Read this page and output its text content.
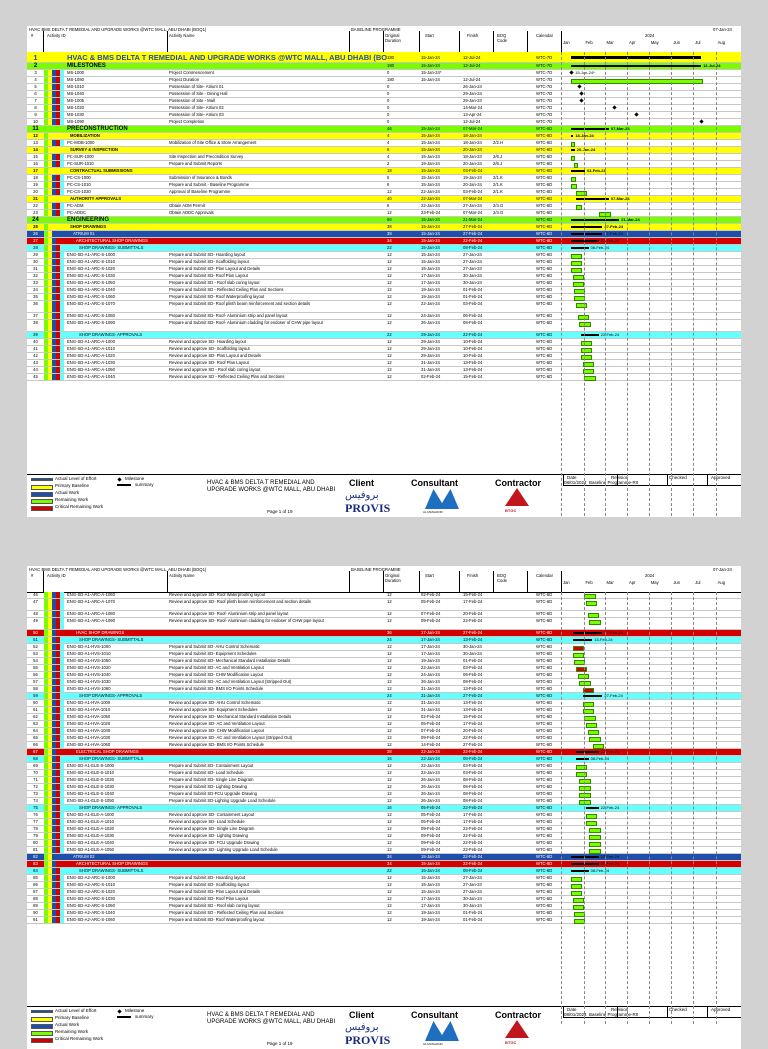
HVAC BMS DELTA T REMEDIAL AND UPGRADE WORKS @WTC MALL, ABU DHABI (BOQ1)	BASELINE PROGRAMME	07-Jan-24
#	Activity ID	Activity Name	Original Duration
Start	Finish	BOQ Code
Calendar	2024
Jan	Feb	Mar	Apr	May	Jun	Jul	Aug
HVAC & BMS DELTA T REMEDIAL AND UPGRADE WORKS @WTC MALL, ABU DHABI (BO
1	180	15-Jan-24	12-Jul-24	WTC-7D
2	MILESTONES	180	15-Jan-24	12-Jul-24	WTC-7D	12-Jul-24
3	MS-1000	Project Commencement	0	15-Jan-24*	WTC-7D	15-Jan-24*
4	MS-1080	Project Duration	180	15-Jan-24	12-Jul-24	WTC-7D
5	MS-1010	Possession of Site- Atrium 01	0	26-Jan-24	WTC-7D
6	MS-1040	Possession of Site - Dining Hall	0	29-Jan-24	WTC-7D
7	MS-1005	Possession of Site - Mall	0	29-Jan-24	WTC-7D
8	MS-1020	Possession of Site- Atrium 02	0	14-Mar-24	WTC-7D
9	MS-1030	Possession of Site- Atrium 03	0	13-Apr-24	WTC-7D
10	MS-1090	Project Completion	0	12-Jul-24	WTC-7D
11	PRECONSTRUCTION	46	15-Jan-24	07-Mar-24	WTC-6D	07-Mar-24
12	MOBILIZATION	4	15-Jan-24	18-Jan-24	WTC-6D	18-Jan-24
13	PC-MOB-1000	Mobilization of Site Office & Store Arrangement	4	15-Jan-24	18-Jan-24	2/2.H	WTC-6D
14	SURVEY & INSPECTION	6	15-Jan-24	20-Jan-24	WTC-6D	20-Jan-24
15	PC-SUR-1000	Site Inspection and Precondition Survey	4	15-Jan-24	18-Jan-24	2/6.J	WTC-6D
16	PC-SUR-1010	Prepare and Submit Reports	2	19-Jan-24	20-Jan-24	2/6.J	WTC-6D
17	CONTRACTUAL SUBMISSIONS	18	15-Jan-24	03-Feb-24	WTC-6D	03-Feb-24
18	PC-CS-1000	Submission of Insurance & Bonds	5	15-Jan-24	19-Jan-24	2/1.K	WTC-6D
19	PC-CS-1010	Prepare and Submit - Baseline Programme	6	15-Jan-24	20-Jan-24	2/1.K	WTC-6D
20	PC-CS-1020	Approval of Baseline Programme	12	22-Jan-24	03-Feb-24	2/1.K	WTC-6D
21	AUTHORITY APPROVALS	40	22-Jan-24	07-Mar-24	WTC-6D	07-Mar-24
22	PC-ADM	Obtain ADM Permit	6	22-Jan-24	27-Jan-24	2/4.G	WTC-6D
23	PC-ADDC	Obtain ADDC Approvals	12	23-Feb-24	07-Mar-24	2/4.G	WTC-6D
24	ENGINEERING	56	15-Jan-24	21-Mar-24	WTC-6D	21-Mar-24
25	SHOP DRAWINGS	38	15-Jan-24	27-Feb-24	WTC-6D	27-Feb-24
26	ATRIUM 01	38	15-Jan-24	27-Feb-24	WTC-6D	27-Feb-24
27	ARCHITECTURAL SHOP DRAWINGS	34	15-Jan-24	22-Feb-24	WTC-6D	22-Feb-24
28	SHOP DRAWINGS- SUBMITTALS	22	15-Jan-24	08-Feb-24	WTC-6D	08-Feb-24
29	ENG-SD-A1-ARC-S-1000	Prepare and Submit SD- Hoarding layout	12	15-Jan-24	27-Jan-24	WTC-6D
30	ENG-SD-A1-ARC-S-1010	Prepare and Submit SD- Scaffolding layout	12	15-Jan-24	27-Jan-24	WTC-6D
31	ENG-SD-A1-ARC-S-1020	Prepare and Submit SD- Plan Layout and Details	12	15-Jan-24	27-Jan-24	WTC-6D
32	ENG-SD-A1-ARC-S-1030	Prepare and Submit SD- Roof Plan Layout	12	17-Jan-24	30-Jan-24	WTC-6D
33	ENG-SD-A1-ARC-S-1050	Prepare and Submit SD - Roof slab coring layout	12	17-Jan-24	30-Jan-24	WTC-6D
34	ENG-SD-A1-ARC-S-1040	Prepare and Submit SD - Reflected Ceiling Plan and Sections	12	19-Jan-24	01-Feb-24	WTC-6D
35	ENG-SD-A1-ARC-S-1060	Prepare and Submit SD- Roof Waterproofing layout	12	19-Jan-24	01-Feb-24	WTC-6D
36	ENG-SD-A1-ARC-S-1070	Prepare and Submit SD- Roof plinth beam reinforcement and section details	12	22-Jan-24	03-Feb-24	WTC-6D
37	ENG-SD-A1-ARC-S-1080	Prepare and Submit SD- Roof- Aluminium strip and panel layout	12	24-Jan-24	06-Feb-24	WTC-6D
38	ENG-SD-A1-ARC-S-1090	Prepare and Submit SD- Roof- Aluminium cladding for endoser of CHW pipe layout	12	26-Jan-24	08-Feb-24	WTC-6D
39	SHOP DRAWINGS- APPROVALS	22	29-Jan-24	22-Feb-24	WTC-6D	22-Feb-24
40	ENG-SD-A1-ARC-A-1000	Review and approve SD- Hoarding layout	12	29-Jan-24	10-Feb-24	WTC-6D
41	ENG-SD-A1-ARC-A-1010	Review and approve SD- Scaffolding layout	12	29-Jan-24	10-Feb-24	WTC-6D
42	ENG-SD-A1-ARC-A-1020	Review and approve SD- Plan Layout and Details	12	29-Jan-24	10-Feb-24	WTC-6D
43	ENG-SD-A1-ARC-A-1030	Review and approve SD- Roof Plan Layout	12	31-Jan-24	13-Feb-24	WTC-6D
44	ENG-SD-A1-ARC-A-1050	Review and approve SD - Roof slab coring layout	12	31-Jan-24	13-Feb-24	WTC-6D
45	ENG-SD-A1-ARC-A-1040	Review and approve SD - Reflected Ceiling Plan and Sections	12	02-Feb-24	15-Feb-24	WTC-6D
Actual Level of Effort
Primary Baseline
Actual Work
Remaining Work
Critical Remaining Work
Milestone
summary	HVAC & BMS DELTA T REMEDIAL AND
UPGRADE WORKS @WTC MALL, ABU DHABI
Page 1 of 19
Client
بروفيس
PROVIS
Consultant
AL MASAOOD
Contractor
BTGC
Date	Revision	Checked	Approved
08/01/2024 Baseline Programme-R0
HVAC BMS DELTA T REMEDIAL AND UPGRADE WORKS @WTC MALL, ABU DHABI (BOQ1)	BASELINE PROGRAMME	07-Jan-24
#	Activity ID	Activity Name	Original Duration
Start	Finish	BOQ Code
Calendar	2024
Jan	Feb	Mar	Apr	May	Jun	Jul	Aug
46	ENG-SD-A1-ARC-A-1060	Review and approve SD- Roof Waterproofing layout	12	02-Feb-24	15-Feb-24	WTC-6D
47	ENG-SD-A1-ARC-A-1070	Review and approve SD- Roof plinth beam reinforcement and section details	12	05-Feb-24	17-Feb-24	WTC-6D
48	ENG-SD-A1-ARC-A-1080	Review and approve SD- Roof- Aluminium strip and panel layout	12	07-Feb-24	20-Feb-24	WTC-6D
49	ENG-SD-A1-ARC-A-1090	Review and approve SD- Roof- Aluminium cladding for endoser of CHW pipe layout	12	09-Feb-24	22-Feb-24	WTC-6D
50	HVAC SHOP DRAWINGS	36	17-Jan-24	27-Feb-24	WTC-6D	27-Feb-24
51	SHOP DRAWINGS- SUBMITTALS	24	17-Jan-24	13-Feb-24	WTC-6D	13-Feb-24
52	ENG-SD-A1-HVS-1000	Prepare and Submit SD- AHU Control Schematic	12	17-Jan-24	30-Jan-24	WTC-6D
53	ENG-SD-A1-HVS-1010	Prepare and Submit SD- Equipment Schedules	12	17-Jan-24	30-Jan-24	WTC-6D
54	ENG-SD-A1-HVS-1050	Prepare and Submit SD- Mechanical Standard Installation Details	12	19-Jan-24	01-Feb-24	WTC-6D
55	ENG-SD-A1-HVS-1020	Prepare and Submit SD- AC and Ventilation Layout	12	22-Jan-24	03-Feb-24	WTC-6D
56	ENG-SD-A1-HVS-1040	Prepare and Submit SD- CHW Modification Layout	12	24-Jan-24	06-Feb-24	WTC-6D
57	ENG-SD-A1-HVS-1030	Prepare and Submit SD- AC and Ventilation Layout (Stripped Out)	12	26-Jan-24	08-Feb-24	WTC-6D
58	ENG-SD-A1-HVS-1060	Prepare and Submit SD- BMS I/O Points Schedule	12	31-Jan-24	13-Feb-24	WTC-6D
59	SHOP DRAWINGS- APPROVALS	24	31-Jan-24	27-Feb-24	WTC-6D	27-Feb-24
60	ENG-SD-A1-HVA-1000	Review and approve SD- AHU Control Schematic	12	31-Jan-24	13-Feb-24	WTC-6D
61	ENG-SD-A1-HVA-1010	Review and approve SD- Equipment Schedules	12	31-Jan-24	13-Feb-24	WTC-6D
62	ENG-SD-A1-HVA-1050	Review and approve SD- Mechanical Standard Installation Details	12	02-Feb-24	15-Feb-24	WTC-6D
63	ENG-SD-A1-HVA-1020	Review and approve SD- AC and Ventilation Layout	12	05-Feb-24	17-Feb-24	WTC-6D
64	ENG-SD-A1-HVA-1040	Review and approve SD- CHW Modification Layout	12	07-Feb-24	20-Feb-24	WTC-6D
65	ENG-SD-A1-HVA-1030	Review and approve SD- AC and Ventilation Layout (Stripped Out)	12	09-Feb-24	22-Feb-24	WTC-6D
66	ENG-SD-A1-HVA-1060	Review and approve SD- BMS I/O Points Schedule	12	14-Feb-24	27-Feb-24	WTC-6D
67	ELECTRICAL SHOP DRAWINGS	28	22-Jan-24	22-Feb-24	WTC-6D	22-Feb-24
68	SHOP DRAWINGS- SUBMITTALS	16	22-Jan-24	08-Feb-24	WTC-6D	08-Feb-24
69	ENG-SD-A1-ELE-S-1000	Prepare and Submit SD- Containment Layout	12	22-Jan-24	03-Feb-24	WTC-6D
70	ENG-SD-A1-ELE-S-1010	Prepare and Submit SD- Load Schedule	12	22-Jan-24	03-Feb-24	WTC-6D
71	ENG-SD-A1-ELE-S-1020	Prepare and Submit SD- Single Line Diagram	12	26-Jan-24	08-Feb-24	WTC-6D
72	ENG-SD-A1-ELE-S-1030	Prepare and Submit SD- Lighting Drawing	12	26-Jan-24	08-Feb-24	WTC-6D
73	ENG-SD-A1-ELE-S-1040	Prepare and Submit SD-FCU Upgrade Drawing	12	26-Jan-24	08-Feb-24	WTC-6D
74	ENG-SD-A1-ELE-S-1050	Prepare and Submit SD-Lighting Upgrade Load Schedule	12	26-Jan-24	08-Feb-24	WTC-6D
75	SHOP DRAWINGS- APPROVALS	16	05-Feb-24	22-Feb-24	WTC-6D	22-Feb-24
76	ENG-SD-A1-ELE-A-1000	Review and approve SD- Containment Layout	12	05-Feb-24	17-Feb-24	WTC-6D
77	ENG-SD-A1-ELE-A-1010	Review and approve SD- Load Schedule	12	05-Feb-24	17-Feb-24	WTC-6D
78	ENG-SD-A1-ELE-A-1020	Review and approve SD- Single Line Diagram	12	09-Feb-24	22-Feb-24	WTC-6D
79	ENG-SD-A1-ELE-A-1030	Review and approve SD- Lighting Drawing	12	09-Feb-24	22-Feb-24	WTC-6D
80	ENG-SD-A1-ELE-A-1040	Review and approve SD- FCU Upgrade Drawing	12	09-Feb-24	22-Feb-24	WTC-6D
81	ENG-SD-A1-ELE-A-1050	Review and approve SD- Lighting Upgrade Load Schedule	12	09-Feb-24	22-Feb-24	WTC-6D
82	ATRIUM 02	34	15-Jan-24	22-Feb-24	WTC-6D	22-Feb-24
83	ARCHITECTURAL SHOP DRAWINGS	34	15-Jan-24	22-Feb-24	WTC-6D	22-Feb-24
84	SHOP DRAWINGS- SUBMITTALS	22	15-Jan-24	08-Feb-24	WTC-6D	08-Feb-24
85	ENG-SD-A2-ARC-S-1000	Prepare and Submit SD- Hoarding layout	12	15-Jan-24	27-Jan-24	WTC-6D
86	ENG-SD-A2-ARC-S-1010	Prepare and Submit SD- Scaffolding layout	12	15-Jan-24	27-Jan-24	WTC-6D
87	ENG-SD-A2-ARC-S-1020	Prepare and Submit SD- Plan Layout and Details	12	15-Jan-24	27-Jan-24	WTC-6D
88	ENG-SD-A2-ARC-S-1030	Prepare and Submit SD- Roof Plan Layout	12	17-Jan-24	30-Jan-24	WTC-6D
89	ENG-SD-A2-ARC-S-1050	Prepare and Submit SD - Roof slab coring layout	12	17-Jan-24	30-Jan-24	WTC-6D
90	ENG-SD-A2-ARC-S-1040	Prepare and Submit SD - Reflected Ceiling Plan and Sections	12	19-Jan-24	01-Feb-24	WTC-6D
91	ENG-SD-A2-ARC-S-1060	Prepare and Submit SD- Roof Waterproofing layout	12	19-Jan-24	01-Feb-24	WTC-6D
Actual Level of Effort
Primary Baseline
Actual Work
Remaining Work
Critical Remaining Work
Milestone
summary	HVAC & BMS DELTA T REMEDIAL AND
UPGRADE WORKS @WTC MALL, ABU DHABI
Page 1 of 19
Client
بروفيس
PROVIS
Consultant
AL MASAOOD
Contractor
BTGC
Date	Revision	Checked	Approved
08/01/2024 Baseline Programme-R0
